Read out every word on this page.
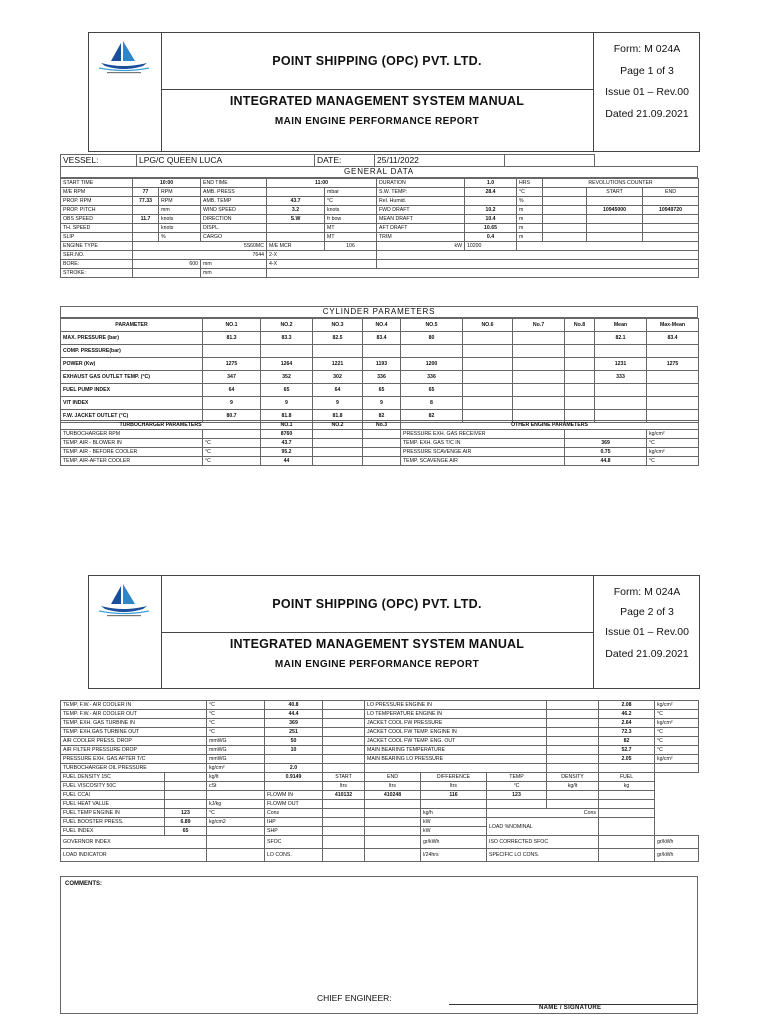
POINT SHIPPING (OPC) PVT. LTD.
INTEGRATED MANAGEMENT SYSTEM MANUAL
MAIN ENGINE PERFORMANCE REPORT
Form: M 024A
Page 1 of 3
Issue 01 – Rev.00
Dated 21.09.2021
VESSEL:	LPG/C QUEEN LUCA	DATE:	25/11/2022	
GENERAL DATA
START TIME	10:00		END TIME	11:00		DURATION	1.0	HRS	REVOLUTIONS COUNTER		
M/E RPM	77	RPM	AMB. PRESS		mbar	S.W. TEMP:	28.4	°C		START	END
PROP. RPM	77.33	RPM	AMB. TEMP	43.7	°C	Rel. Humid.		%			
PROP. PITCH		mm	WIND SPEED	3.2	knots	FWD DRAFT	10.2	m		10945000	10949720
OBS SPEED	11.7	knots	DIRECTION	S.W	fr bow	MEAN DRAFT	10.4	m			
TH. SPEED		knots	DISPL.		MT	AFT DRAFT	10.65	m			
SLIP		%	CARGO		MT	TRIM	0.4	m			
ENGINE TYPE	5S60MC			M/E MCR	106	kW	10200				
SER.NO.	7644			2-X							
BORE:	600		mm	4-X							
STROKE:			mm								
CYLINDER PARAMETERS
PARAMETER	NO.1	NO.2	NO.3	NO.4	NO.5	NO.6	No.7	No.8	Mean	Max-Mean
MAX. PRESSURE (bar)	81.3	83.3	82.5	83.4	80				82.1	83.4
COMP. PRESSURE(bar)										
POWER (Kw)	1275	1264	1221	1193	1200				1231	1275
EXHAUST GAS OUTLET TEMP. (°C)	347	352	302	336	336				333	
FUEL PUMP INDEX	64	65	64	65	65					
VIT INDEX	9	9	9	9	8					
F.W. JACKET OUTLET (°C)	80.7	81.8	81.8	82	82					
TURBOCHARGER PARAMETERS		NO.1	NO.2	No.3	OTHER ENGINE PARAMETERS		
TURBOCHARGER RPM		8760			PRESSURE EXH. GAS RECEIVER		kg/cm²
TEMP. AIR - BLOWER IN	°C	43.7			TEMP. EXH. GAS T/C IN	369	°C
TEMP. AIR - BEFORE COOLER	°C	95.2			PRESSURE SCAVENGE AIR	0.75	kg/cm²
TEMP. AIR-AFTER COOLER	°C	44			TEMP. SCAVENGE AIR	44.8	°C
POINT SHIPPING (OPC) PVT. LTD.
INTEGRATED MANAGEMENT SYSTEM MANUAL
MAIN ENGINE PERFORMANCE REPORT
Form: M 024A
Page 2 of 3
Issue 01 – Rev.00
Dated 21.09.2021
TEMP. F.W.- AIR COOLER IN		°C	40.8		LO PRESSURE ENGINE IN				2.08	kg/cm²
TEMP. F.W.- AIR COOLER OUT		°C	44.4		LO TEMPERATURE ENGINE IN				46.2	°C
TEMP. EXH. GAS TURBINE IN		°C	369		JACKET COOL FW PRESSURE				2.64	kg/cm²
TEMP. EXH.GAS TURBINE OUT		°C	251		JACKET COOL FW TEMP. ENGINE IN				72.3	°C
AIR COOLER PRESS. DROP		mmWG	50		JACKET COOL FW TEMP. ENG. OUT				82	°C
AIR FILTER PRESSURE DROP		mmWG	10		MAIN BEARING TEMPERATURE				52.7	°C
PRESSURE EXH. GAS AFTER T/C		mmWG			MAIN BEARING LO PRESSURE				2.05	kg/cm²
TURBOCHARGER OIL PRESSURE		kg/cm²	2.0							
FUEL DENSITY 15C		kg/lt	0.9149	START	END	DIFFERENCE	TEMP	DENSITY	FUEL	
FUEL VISCOSITY 50C		cSt		ltrs	ltrs	ltrs	°C	kg/lt	kg	
FUEL CCAI			FLOWM IN	410132	410248	116	123			
FUEL HEAT VALUE		kJ/kg	FLOWM OUT							
FUEL TEMP ENGINE IN	123	°C	Cons			kg/h	Cons			
FUEL BOOSTER PRESS.	6.89	kg/cm2	IHP			kW	LOAD %NOMINAL			
FUEL INDEX	65		SHP			kW				
GOVERNOR INDEX			SFOC			gr/kWh	ISO CORRECTED SFOC			gr/kWh
LOAD INDICATOR			LO CONS.			l/24hrs	SPECIFIC LO CONS.			gr/kWh
COMMENTS:
CHIEF ENGINEER:
NAME / SIGNATURE
